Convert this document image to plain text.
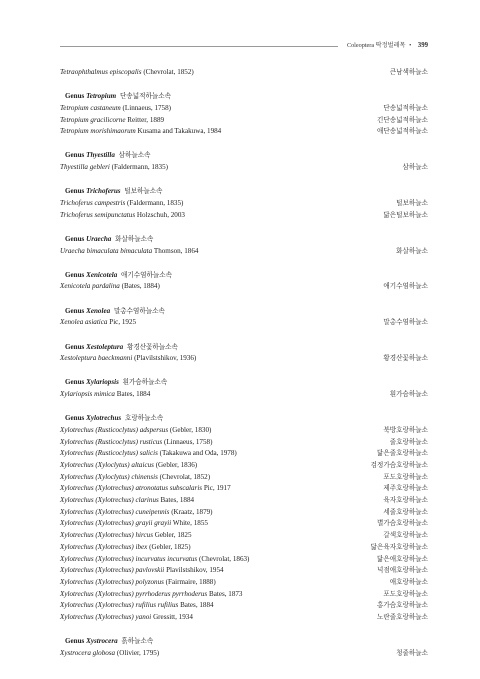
Coleoptera 딱정벌레목 • 399
Tetraophthalmus episcopalis (Chevrolat, 1852)	큰남색하늘소
Genus Tetropium 단송넓적하늘소속
Tetropium castaneum (Linnaeus, 1758)	단송넓적하늘소
Tetropium gracilicorne Reitter, 1889	긴단송넓적하늘소
Tetropium morishimaorum Kusama and Takakuwa, 1984	애단송넓적하늘소
Genus Thyestilla 삼하늘소속
Thyestilla gebleri (Faldermann, 1835)	삼하늘소
Genus Trichoferus 털보하늘소속
Trichoferus campestris (Faldermann, 1835)	털보하늘소
Trichoferus semipunctatus Holzschuh, 2003	닮은털보하늘소
Genus Uraecha 화살하늘소속
Uraecha bimaculata bimaculata Thomson, 1864	화살하늘소
Genus Xenicotela 애기수염하늘소속
Xenicotela pardalina (Bates, 1884)	애기수염하늘소
Genus Xenolea 말총수염하늘소속
Xenolea asiatica Pic, 1925	말총수염하늘소
Genus Xestoleptura 황경산꽃하늘소속
Xestoleptura baeckmanni (Plavilstshikov, 1936)	황경산꽃하늘소
Genus Xylariopsis 흰가슴하늘소속
Xylariopsis mimica Bates, 1884	흰가슴하늘소
Genus Xylotrechus 호랑하늘소속
Xylotrechus (Rusticoclytus) adspersus (Gebler, 1830)	북방호랑하늘소
Xylotrechus (Rusticoclytus) rusticus (Linnaeus, 1758)	줄호랑하늘소
Xylotrechus (Rusticoclytus) salicis (Takakuwa and Oda, 1978)	닮은줄호랑하늘소
Xylotrechus (Xyloclytus) altaicus (Gebler, 1836)	검정가슴호랑하늘소
Xylotrechus (Xyloclytus) chinensis (Chevrolat, 1852)	포도호랑하늘소
Xylotrechus (Xylotrechus) atronotatus subscalaris Pic, 1917	제주호랑하늘소
Xylotrechus (Xylotrechus) clarinus Bates, 1884	육자호랑하늘소
Xylotrechus (Xylotrechus) cuneipennis (Kraatz, 1879)	세줄호랑하늘소
Xylotrechus (Xylotrechus) grayii grayii White, 1855	별가슴호랑하늘소
Xylotrechus (Xylotrechus) hircus Gebler, 1825	갈색호랑하늘소
Xylotrechus (Xylotrechus) ibex (Gebler, 1825)	닮은육자호랑하늘소
Xylotrechus (Xylotrechus) incurvatus incurvatus (Chevrolat, 1863)	닮은애호랑하늘소
Xylotrechus (Xylotrechus) pavlovskii Plavilstshikov, 1954	넉점애호랑하늘소
Xylotrechus (Xylotrechus) polyzonus (Fairmaire, 1888)	애호랑하늘소
Xylotrechus (Xylotrechus) pyrrhoderus pyrrhoderus Bates, 1873	포도호랑하늘소
Xylotrechus (Xylotrechus) rufilius rufilius Bates, 1884	홍가슴호랑하늘소
Xylotrechus (Xylotrechus) yanoi Gressitt, 1934	노란줄호랑하늘소
Genus Xystrocera 흙하늘소속
Xystrocera globosa (Olivier, 1795)	청줄하늘소
